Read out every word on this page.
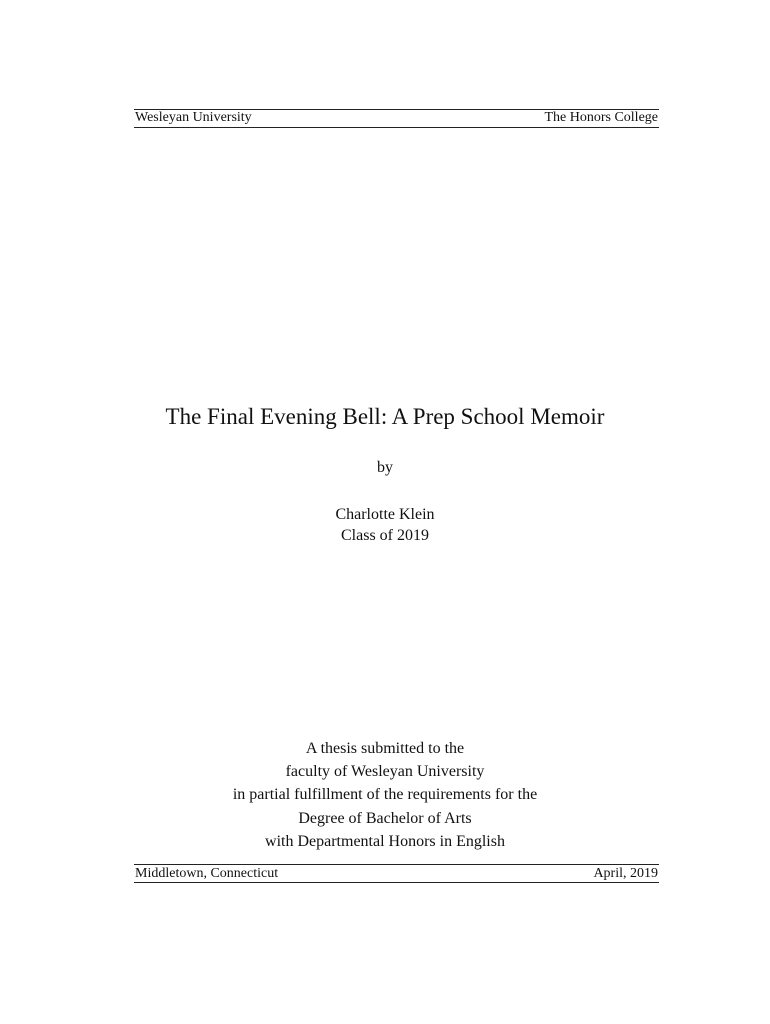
Wesleyan University	The Honors College
The Final Evening Bell: A Prep School Memoir
by
Charlotte Klein
Class of 2019
A thesis submitted to the
faculty of Wesleyan University
in partial fulfillment of the requirements for the
Degree of Bachelor of Arts
with Departmental Honors in English
Middletown, Connecticut	April, 2019
